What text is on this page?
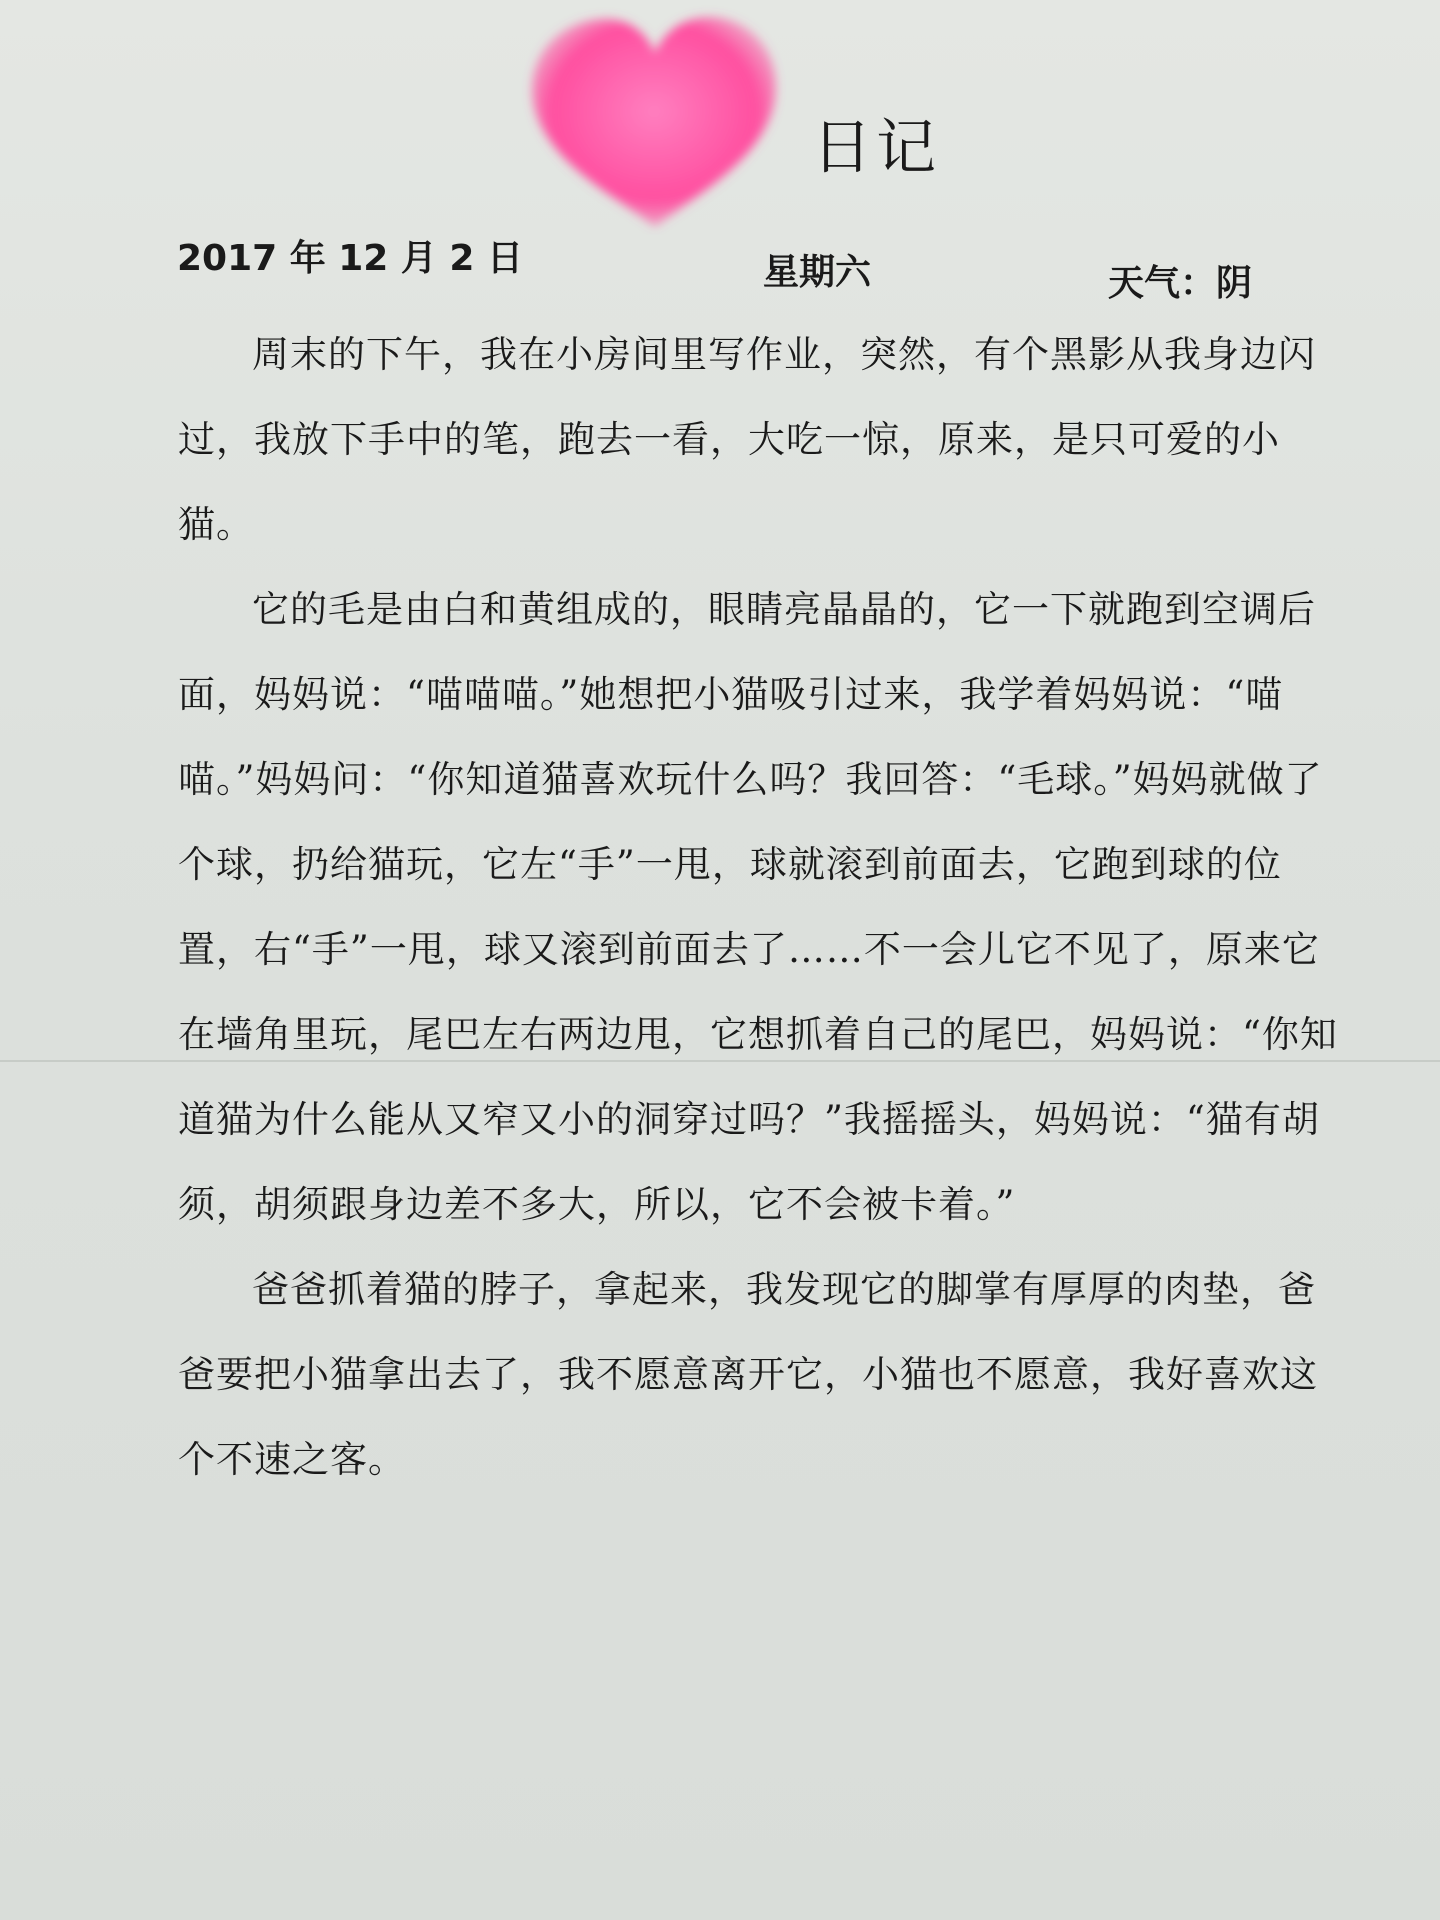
日记
2017 年 12 月 2 日	星期六	天气：阴

周末的下午，我在小房间里写作业，突然，有个黑影从我身边闪过，我放下手中的笔，跑去一看，大吃一惊，原来，是只可爱的小猫。

它的毛是由白和黄组成的，眼睛亮晶晶的，它一下就跑到空调后面，妈妈说：“喵喵喵。”她想把小猫吸引过来，我学着妈妈说：“喵喵。”妈妈问：“你知道猫喜欢玩什么吗？我回答：“毛球。”妈妈就做了个球，扔给猫玩，它左“手”一甩，球就滚到前面去，它跑到球的位置，右“手”一甩，球又滚到前面去了……不一会儿它不见了，原来它在墙角里玩，尾巴左右两边甩，它想抓着自己的尾巴，妈妈说：“你知道猫为什么能从又窄又小的洞穿过吗？”我摇摇头，妈妈说：“猫有胡须，胡须跟身边差不多大，所以，它不会被卡着。”

爸爸抓着猫的脖子，拿起来，我发现它的脚掌有厚厚的肉垫，爸爸要把小猫拿出去了，我不愿意离开它，小猫也不愿意，我好喜欢这个不速之客。
